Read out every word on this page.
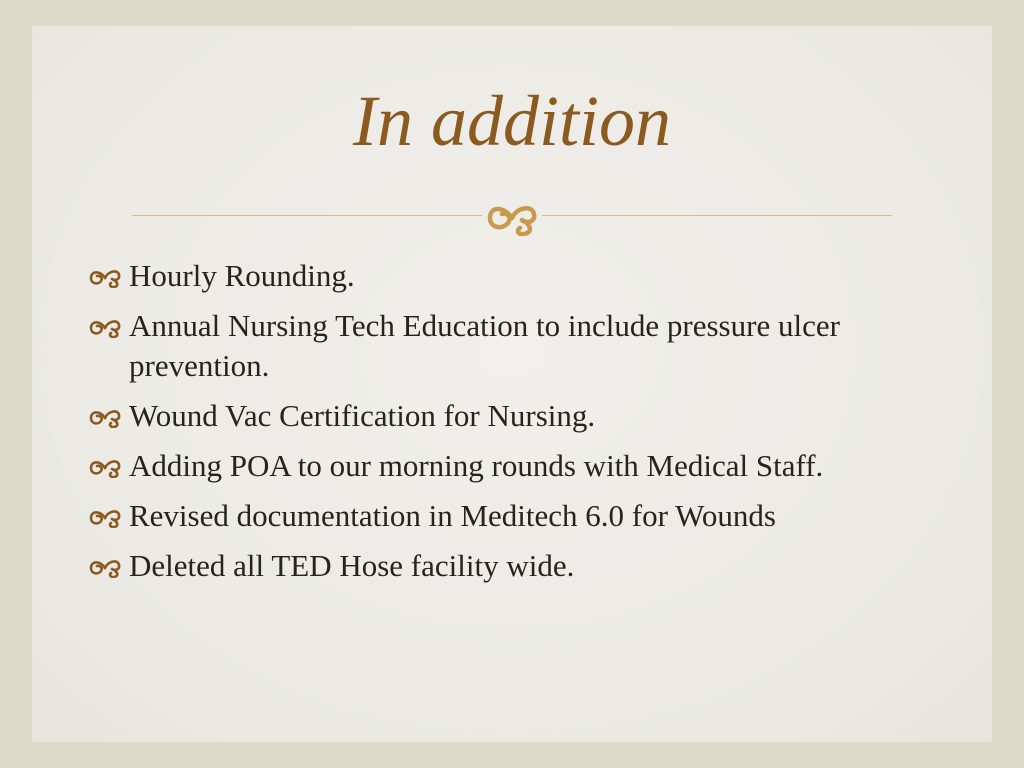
In addition
Hourly Rounding.
Annual Nursing Tech Education to include pressure ulcer prevention.
Wound Vac Certification for Nursing.
Adding POA to our morning rounds with Medical Staff.
Revised documentation in Meditech 6.0 for Wounds
Deleted all TED Hose facility wide.
